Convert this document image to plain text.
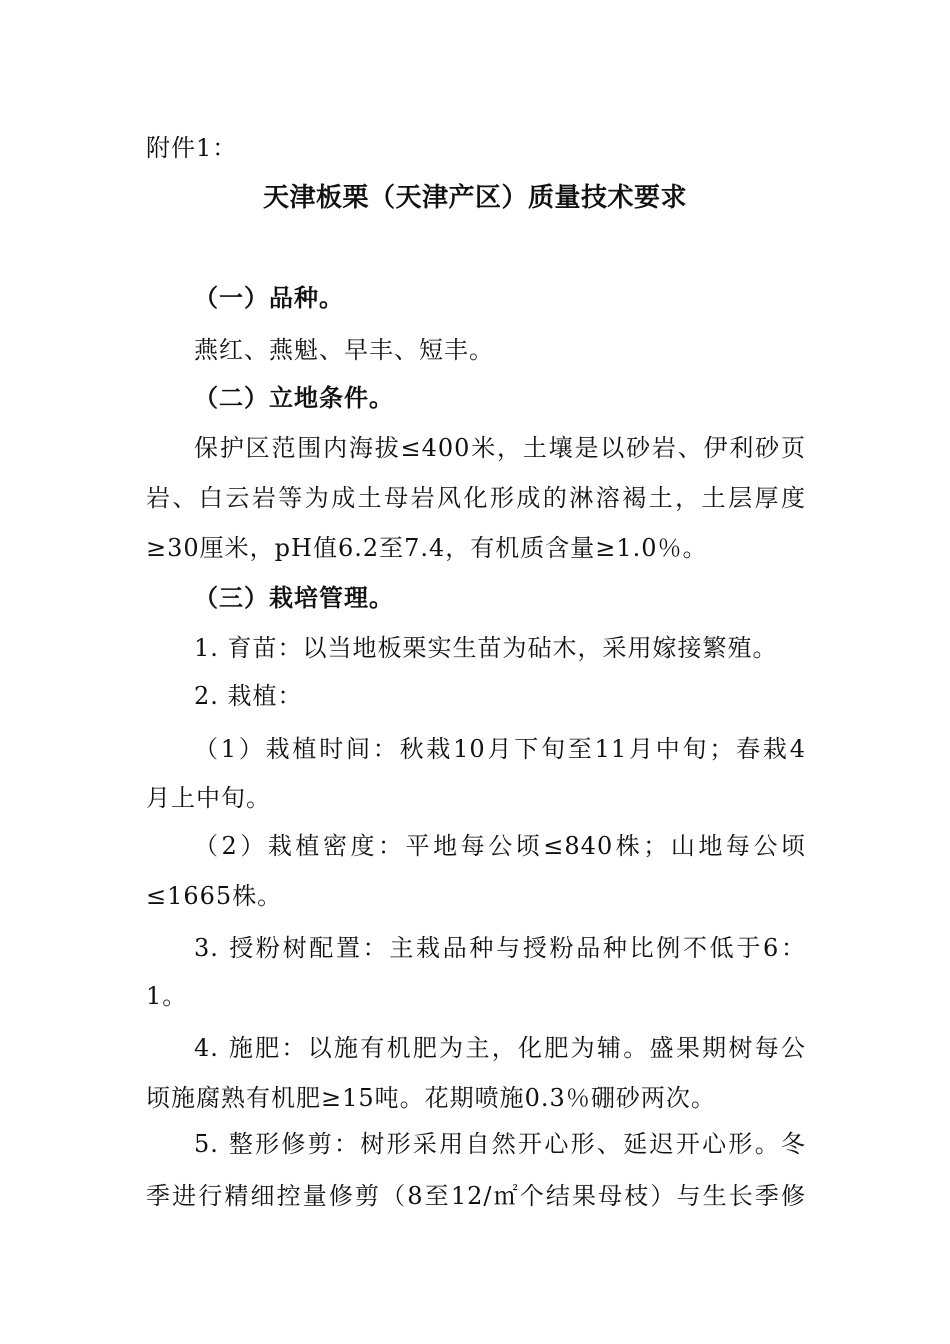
附件1：
天津板栗（天津产区）质量技术要求
（一）品种。
燕红、燕魁、早丰、短丰。
（二）立地条件。
保护区范围内海拔≤400米，土壤是以砂岩、伊利砂页
岩、白云岩等为成土母岩风化形成的淋溶褐土，土层厚度
≥30厘米，pH值6.2至7.4，有机质含量≥1.0％。
（三）栽培管理。
1. 育苗：以当地板栗实生苗为砧木，采用嫁接繁殖。
2. 栽植：
（1）栽植时间：秋栽10月下旬至11月中旬；春栽4
月上中旬。
（2）栽植密度：平地每公顷≤840株；山地每公顷
≤1665株。
3. 授粉树配置：主栽品种与授粉品种比例不低于6：
1。
4. 施肥：以施有机肥为主，化肥为辅。盛果期树每公
顷施腐熟有机肥≥15吨。花期喷施0.3％硼砂两次。
5. 整形修剪：树形采用自然开心形、延迟开心形。冬
季进行精细控量修剪（8至12/㎡个结果母枝）与生长季修
